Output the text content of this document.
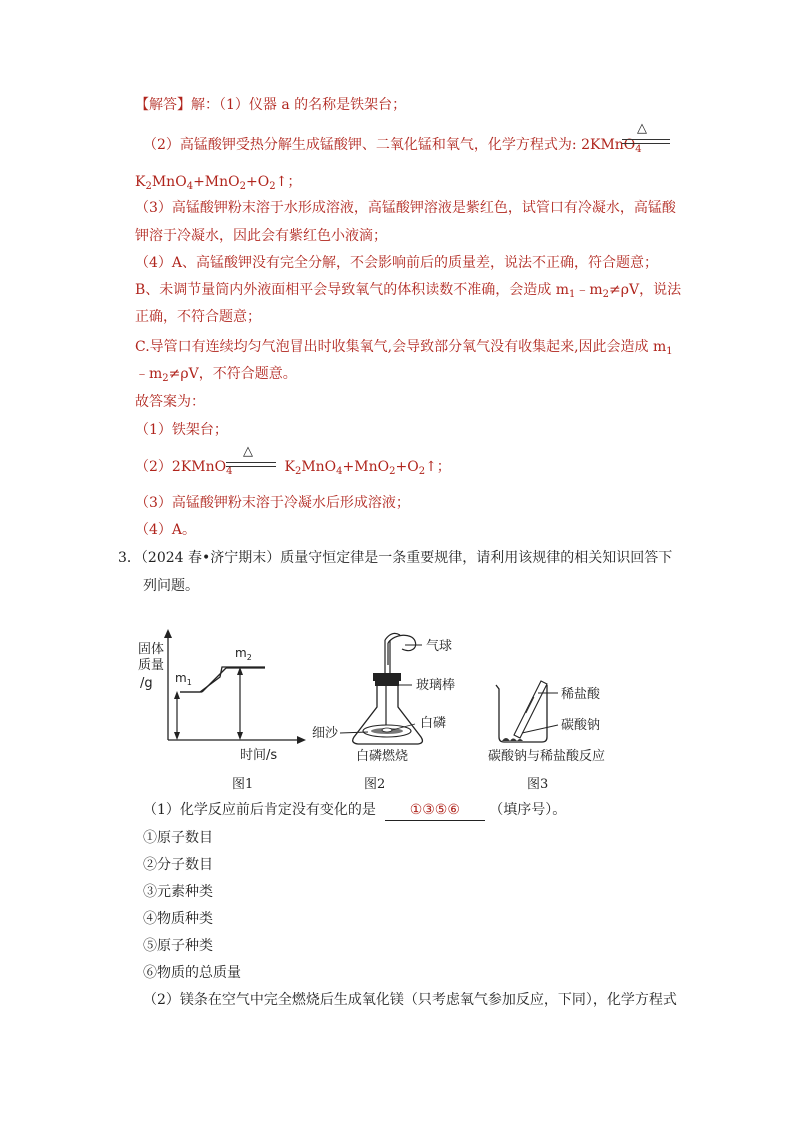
【解答】解：（1）仪器 a 的名称是铁架台；
（2）高锰酸钾受热分解生成锰酸钾、二氧化锰和氧气，化学方程式为: 2KMnO$_4$
△
$K_2MnO_4+MnO_2+O_2↑$；
（3）高锰酸钾粉末溶于水形成溶液，高锰酸钾溶液是紫红色，试管口有冷凝水，高锰酸
钾溶于冷凝水，因此会有紫红色小液滴；
（4）A、高锰酸钾没有完全分解，不会影响前后的质量差，说法不正确，符合题意；
B、未调节量筒内外液面相平会导致氧气的体积读数不准确，会造成 $m_1﹣m_2\ne\rho V$，说法
正确，不符合题意；
C.导管口有连续均匀气泡冒出时收集氧气,会导致部分氧气没有收集起来,因此会造成 $m_1$
$﹣m_2\ne\rho V$，不符合题意。
故答案为：
（1）铁架台；
（2）2KMnO$_4$	$K_2MnO_4+MnO_2+O_2↑$；
△
（3）高锰酸钾粉末溶于冷凝水后形成溶液；
（4）A。
3．（2024 春•济宁期末）质量守恒定律是一条重要规律，请利用该规律的相关知识回答下
列问题。
固体
质量
/g $m_1$
$m_2$
时间/s
气球
玻璃棒
白磷
细沙
白磷燃烧
稀盐酸
碳酸钠
碳酸钠与稀盐酸反应
图1	图2	图3
（1）化学反应前后肯定没有变化的是 ①③⑤⑥ （填序号）。
①原子数目
②分子数目
③元素种类
④物质种类
⑤原子种类
⑥物质的总质量
（2）镁条在空气中完全燃烧后生成氧化镁（只考虑氧气参加反应，下同），化学方程式
